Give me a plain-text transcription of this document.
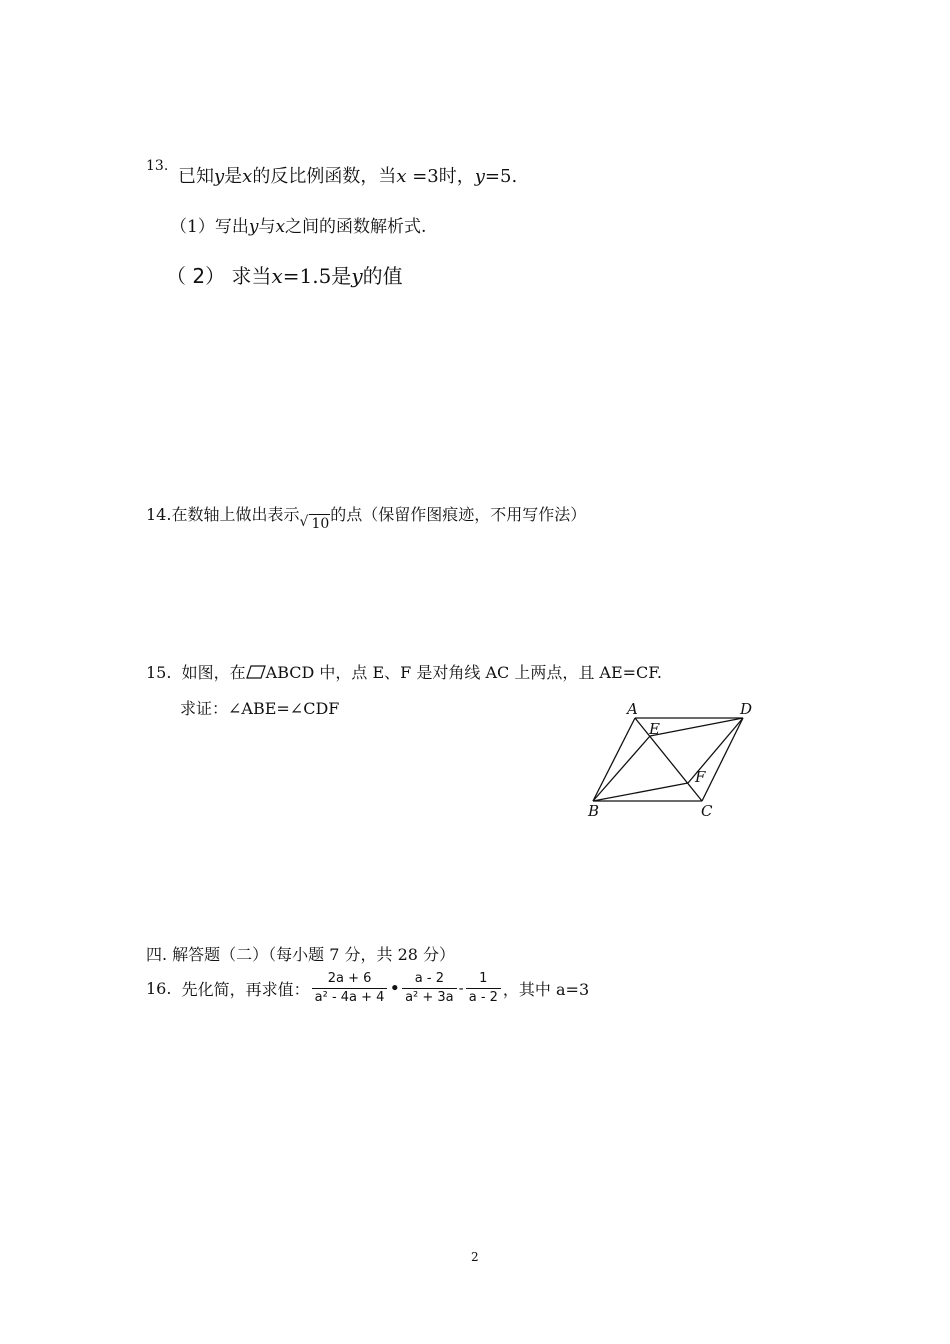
13. 已知y是x的反比例函数，当x =3时，y=5.
（1）写出y与x之间的函数解析式.
（ 2） 求当x=1.5是y的值
14.在数轴上做出表示 √ 10的点（保留作图痕迹，不用写作法）
15. 如图，在 ABCD 中，点 E、F 是对角线 AC 上两点，且 AE=CF.
求证：∠ABE=∠CDF	A	D
E
F
B	C
四. 解答题（二）（每小题 7 分，共 28 分）
16.
先化简，再求值： $\frac{2a + 6}{\text{a² - 4a + 4}}$ • $\frac{a - 2}{\text{a² + 3a}} - \frac{1}{a - 2}$ ，其中 a=3
2
